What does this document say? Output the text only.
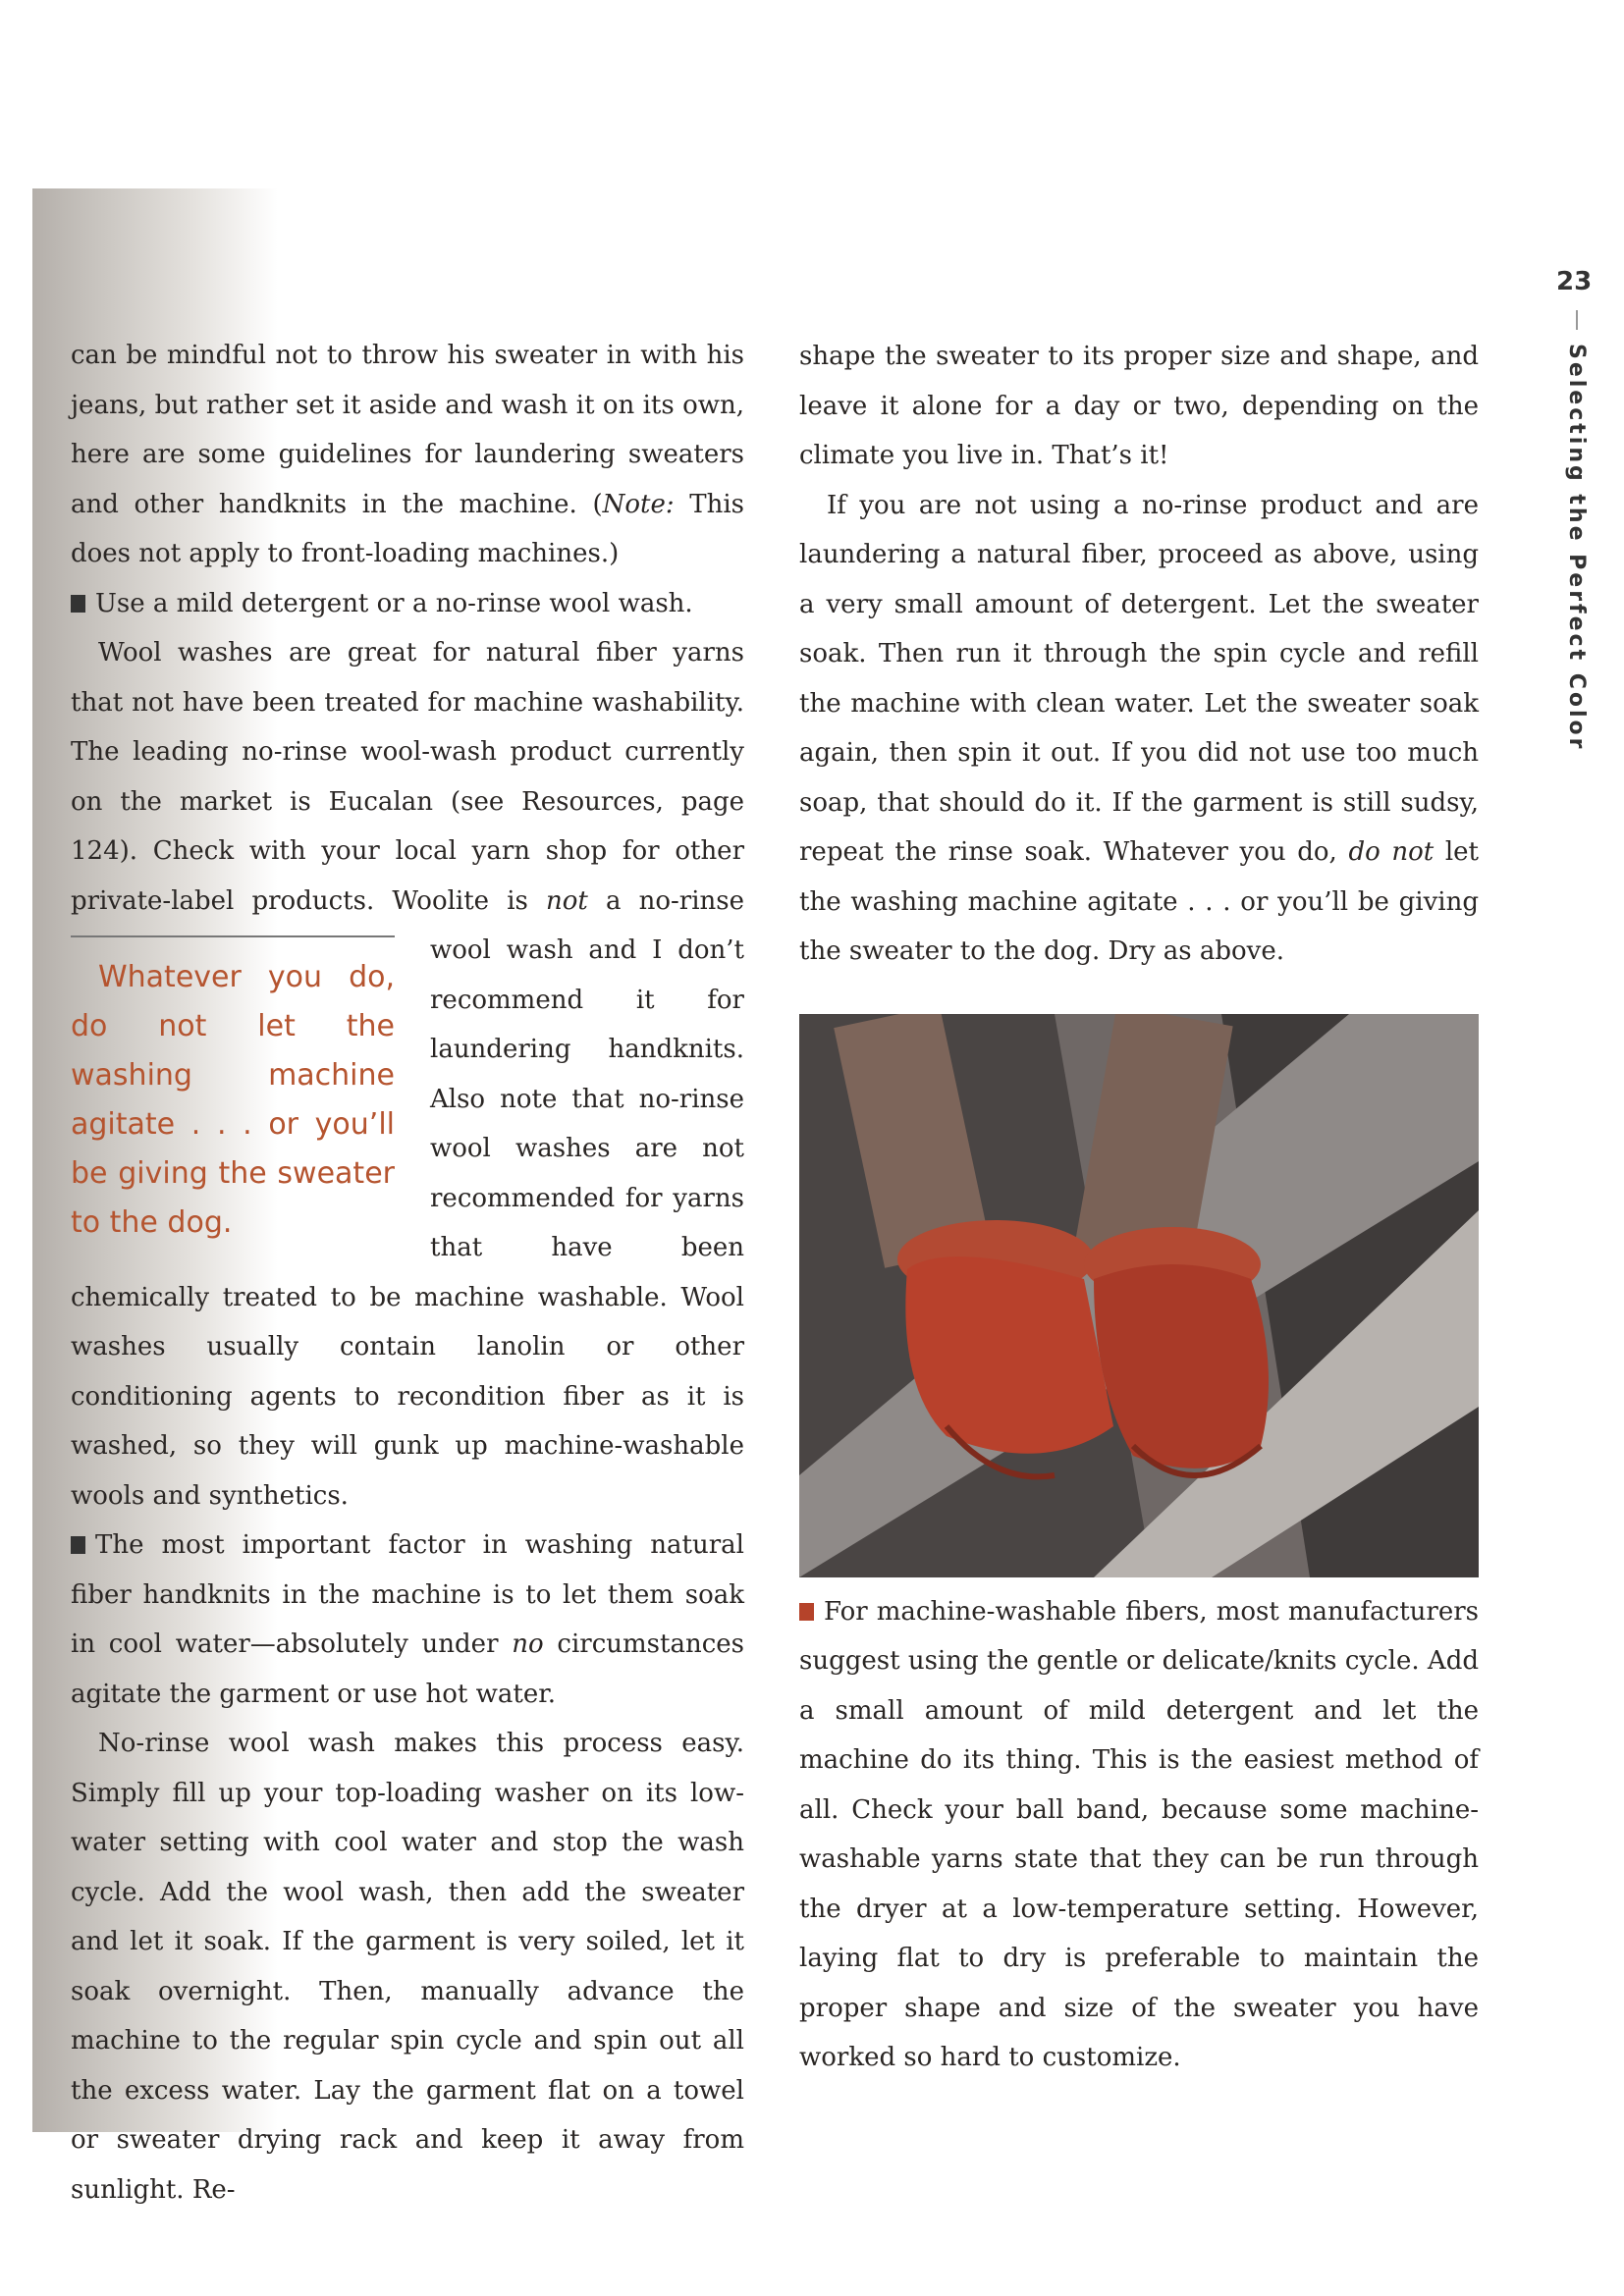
23
Selecting the Perfect Color

can be mindful not to throw his sweater in with his jeans, but rather set it aside and wash it on its own, here are some guidelines for laundering sweaters and other handknits in the machine. (Note: This does not apply to front-loading machines.)

Use a mild detergent or a no-rinse wool wash.

Wool washes are great for natural fiber yarns that not have been treated for machine washability. The leading no-rinse wool-wash product currently on the market is Eucalan (see Resources, page 124). Check with your local yarn shop for other private-label products. Woolite is not
Whatever you do, do not let the washing machine agitate . . . or you’ll be giving the sweater to the dog.
a no-rinse wool wash and I don’t recommend it for laundering handknits. Also note that no-rinse wool washes are not recommended for yarns that have been chemically treated to be machine washable. Wool washes usually contain lanolin or other conditioning agents to recondition fiber as it is washed, so they will gunk up machine-washable wools and synthetics.

The most important factor in washing natural fiber handknits in the machine is to let them soak in cool water—absolutely under no circumstances agitate the garment or use hot water.

No-rinse wool wash makes this process easy. Simply fill up your top-loading washer on its low-water setting with cool water and stop the wash cycle. Add the wool wash, then add the sweater and let it soak. If the garment is very soiled, let it soak overnight. Then, manually advance the machine to the regular spin cycle and spin out all the excess water. Lay the garment flat on a towel or sweater drying rack and keep it away from sunlight. Re-

shape the sweater to its proper size and shape, and leave it alone for a day or two, depending on the climate you live in. That’s it!

If you are not using a no-rinse product and are laundering a natural fiber, proceed as above, using a very small amount of detergent. Let the sweater soak. Then run it through the spin cycle and refill the machine with clean water. Let the sweater soak again, then spin it out. If you did not use too much soap, that should do it. If the garment is still sudsy, repeat the rinse soak. Whatever you do, do not let the washing machine agitate . . . or you’ll be giving the sweater to the dog. Dry as above.

For machine-washable fibers, most manufacturers suggest using the gentle or delicate/knits cycle. Add a small amount of mild detergent and let the machine do its thing. This is the easiest method of all. Check your ball band, because some machine-washable yarns state that they can be run through the dryer at a low-temperature setting. However, laying flat to dry is preferable to maintain the proper shape and size of the sweater you have worked so hard to customize.
